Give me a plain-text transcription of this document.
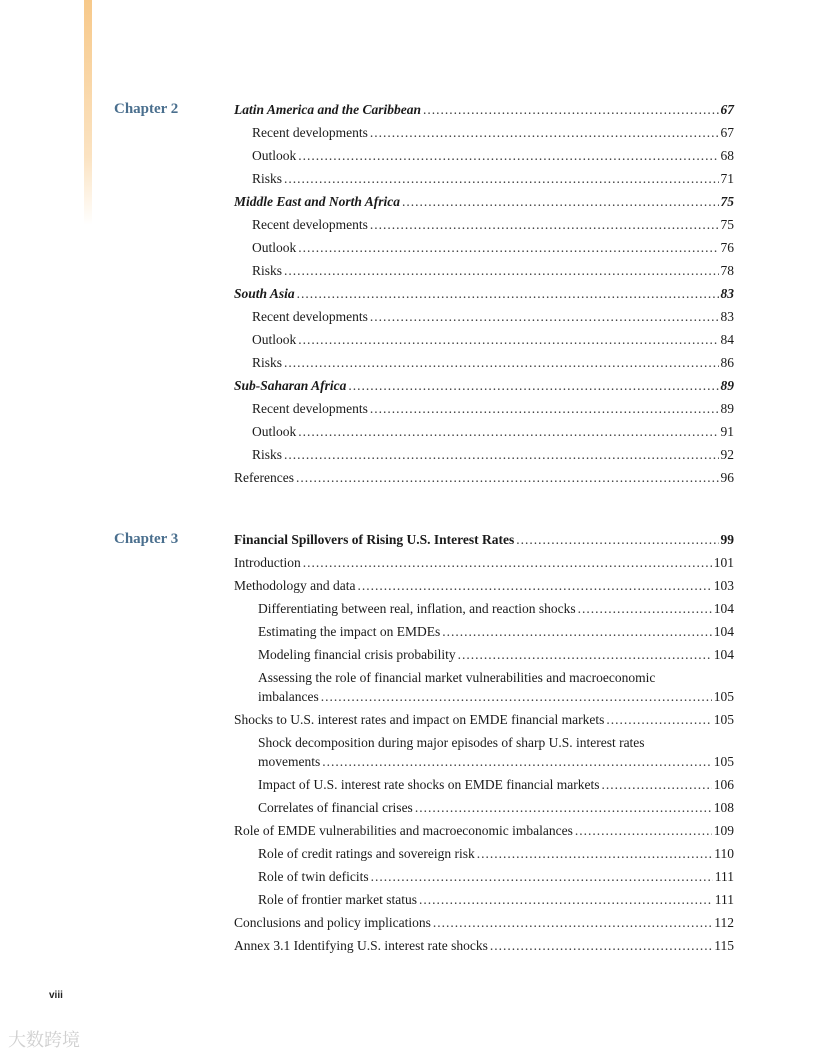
Chapter 2	Latin America and the Caribbean .....	67
Recent developments .....	67
Outlook .....	68
Risks .....	71
Middle East and North Africa .....	75
Recent developments .....	75
Outlook .....	76
Risks .....	78
South Asia .....	83
Recent developments .....	83
Outlook .....	84
Risks .....	86
Sub-Saharan Africa .....	89
Recent developments .....	89
Outlook .....	91
Risks .....	92
References .....	96
Chapter 3	Financial Spillovers of Rising U.S. Interest Rates .....	99
Introduction .....	101
Methodology and data .....	103
Differentiating between real, inflation, and reaction shocks .....	104
Estimating the impact on EMDEs .....	104
Modeling financial crisis probability .....	104
Assessing the role of financial market vulnerabilities and macroeconomic
imbalances .....	105
Shocks to U.S. interest rates and impact on EMDE financial markets .....	105
Shock decomposition during major episodes of sharp U.S. interest rates
movements .....	105
Impact of U.S. interest rate shocks on EMDE financial markets .....	106
Correlates of financial crises .....	108
Role of EMDE vulnerabilities and macroeconomic imbalances .....	109
Role of credit ratings and sovereign risk .....	110
Role of twin deficits .....	111
Role of frontier market status .....	111
Conclusions and policy implications .....	112
Annex 3.1 Identifying U.S. interest rate shocks .....	115
viii
大数跨境
